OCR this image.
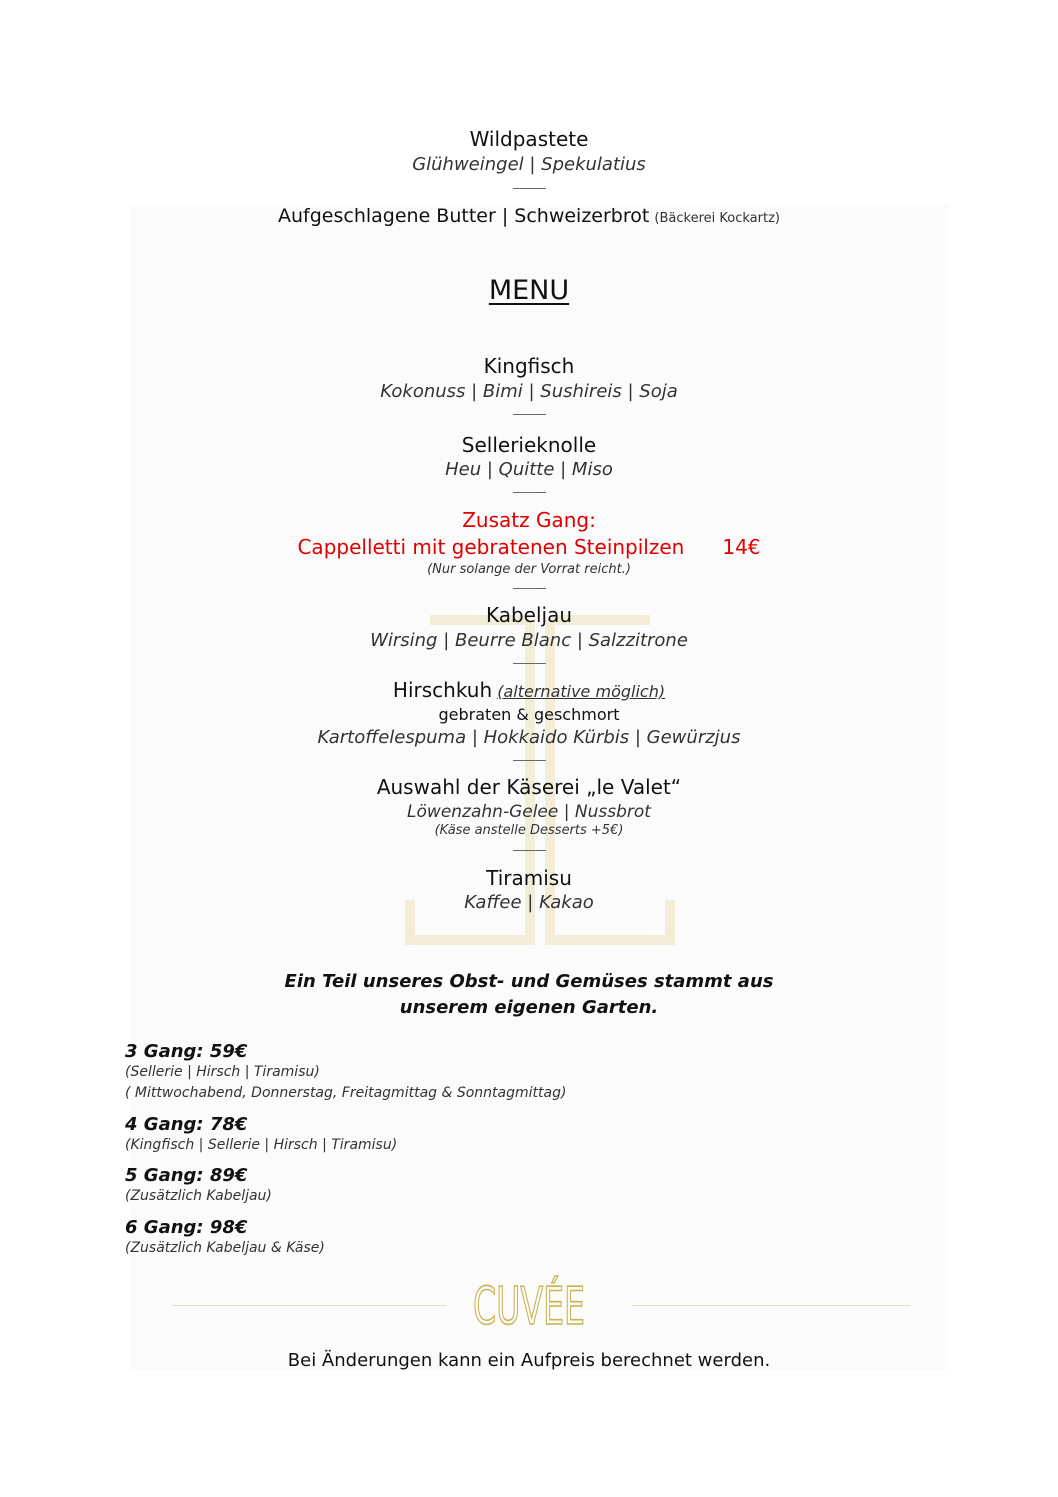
Wildpastete
Glühweingel | Spekulatius
———
Aufgeschlagene Butter | Schweizerbrot (Bäckerei Kockartz)
MENU
Kingfisch
Kokonuss | Bimi | Sushireis | Soja
———
Sellerieknolle
Heu | Quitte | Miso
———
Zusatz Gang:
Cappelletti mit gebratenen Steinpilzen 14€
(Nur solange der Vorrat reicht.)
———
Kabeljau
Wirsing | Beurre Blanc | Salzzitrone
———
Hirschkuh (alternative möglich)
gebraten & geschmort
Kartoffelespuma | Hokkaido Kürbis | Gewürzjus
———
Auswahl der Käserei „le Valet“
Löwenzahn-Gelee | Nussbrot
(Käse anstelle Desserts +5€)
———
Tiramisu
Kaffee | Kakao
Ein Teil unseres Obst- und Gemüses stammt aus
unserem eigenen Garten.
3 Gang: 59€
(Sellerie | Hirsch | Tiramisu)
( Mittwochabend, Donnerstag, Freitagmittag & Sonntagmittag)
4 Gang: 78€
(Kingfisch | Sellerie | Hirsch | Tiramisu)
5 Gang: 89€
(Zusätzlich Kabeljau)
6 Gang: 98€
(Zusätzlich Kabeljau & Käse)
CUVÉE
Bei Änderungen kann ein Aufpreis berechnet werden.
